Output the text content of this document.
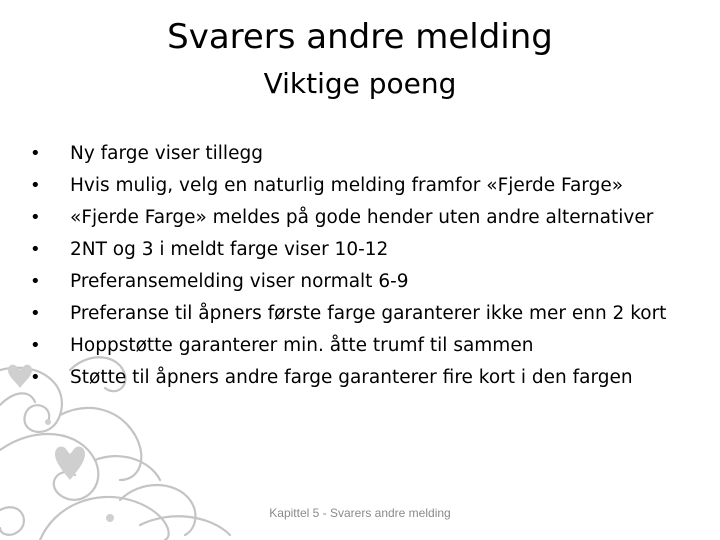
Svarers andre melding
Viktige poeng
•	Ny farge viser tillegg
•	Hvis mulig, velg en naturlig melding framfor «Fjerde Farge»
•	«Fjerde Farge» meldes på gode hender uten andre alternativer
•	2NT og 3 i meldt farge viser 10-12
•	Preferansemelding viser normalt 6-9
•	Preferanse til åpners første farge garanterer ikke mer enn 2 kort
•	Hoppstøtte garanterer min. åtte trumf til sammen
•	Støtte til åpners andre farge garanterer fire kort i den fargen
Kapittel 5 - Svarers andre melding
